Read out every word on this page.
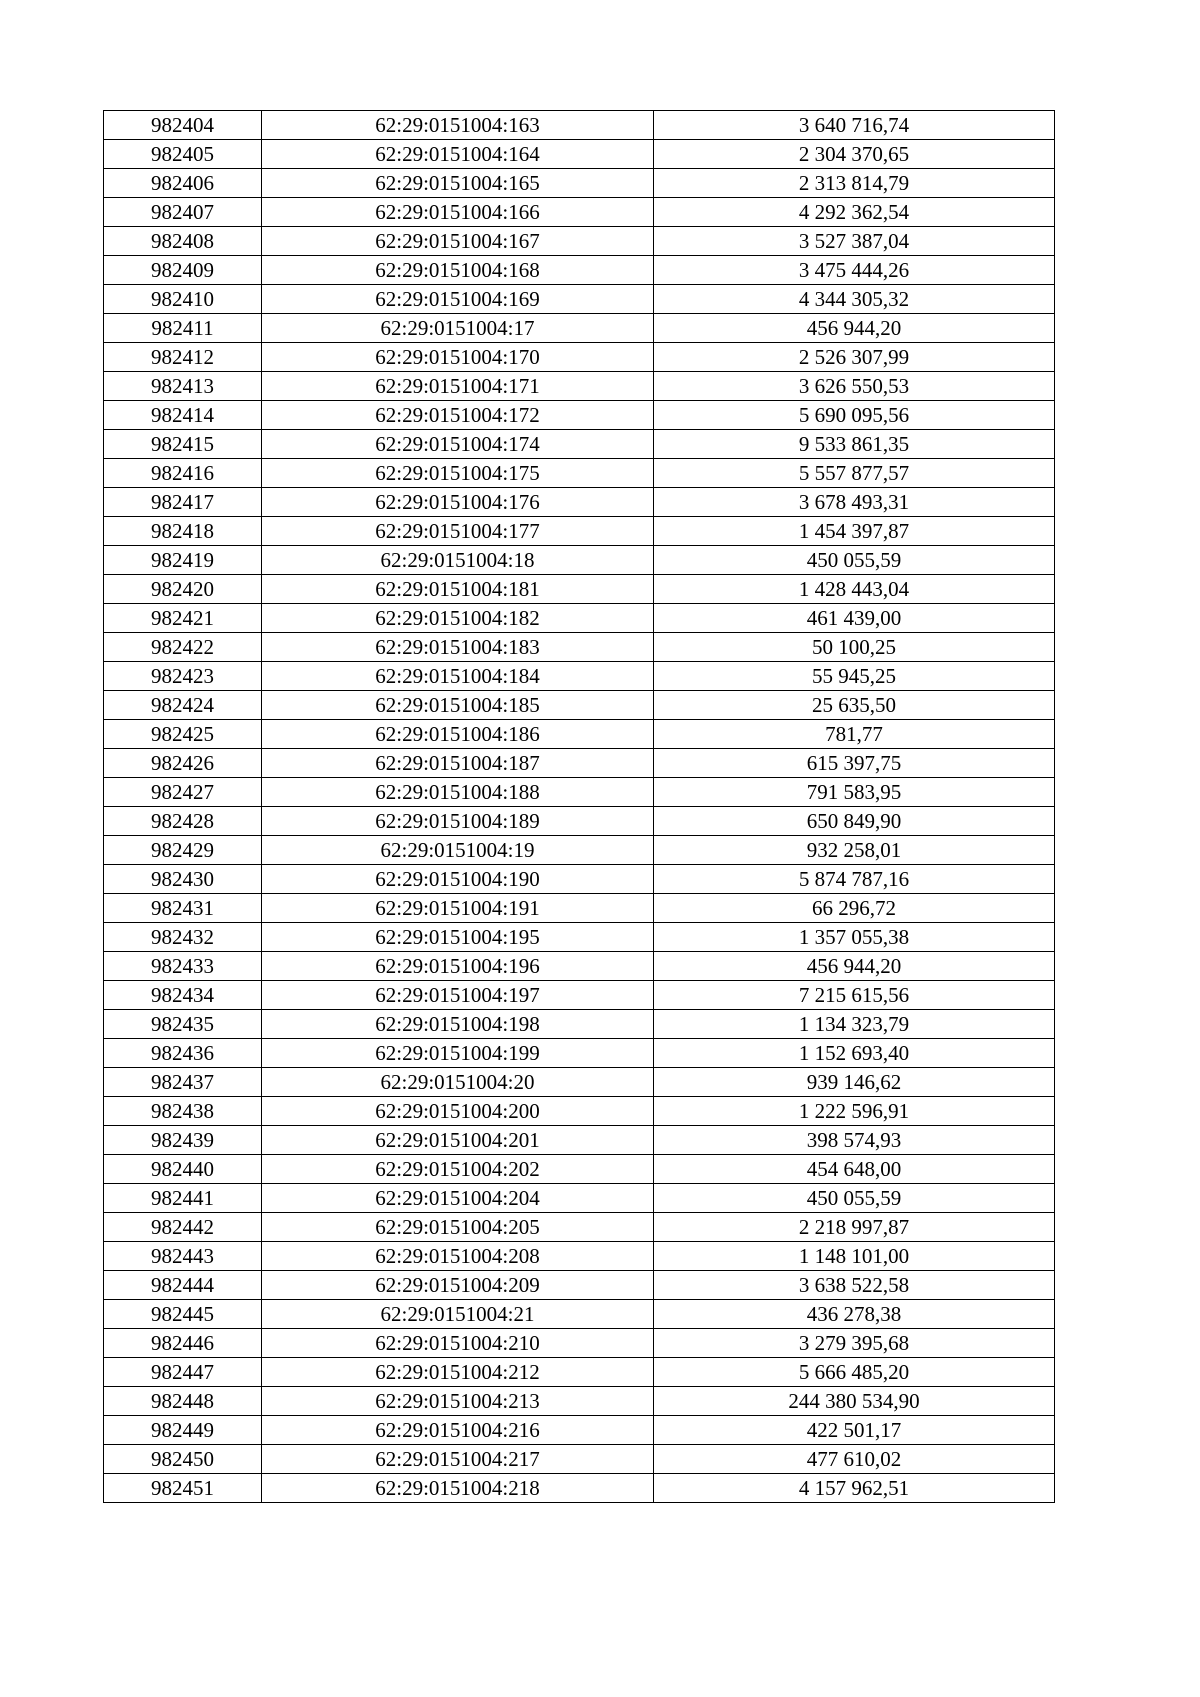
982404	62:29:0151004:163	3 640 716,74
982405	62:29:0151004:164	2 304 370,65
982406	62:29:0151004:165	2 313 814,79
982407	62:29:0151004:166	4 292 362,54
982408	62:29:0151004:167	3 527 387,04
982409	62:29:0151004:168	3 475 444,26
982410	62:29:0151004:169	4 344 305,32
982411	62:29:0151004:17	456 944,20
982412	62:29:0151004:170	2 526 307,99
982413	62:29:0151004:171	3 626 550,53
982414	62:29:0151004:172	5 690 095,56
982415	62:29:0151004:174	9 533 861,35
982416	62:29:0151004:175	5 557 877,57
982417	62:29:0151004:176	3 678 493,31
982418	62:29:0151004:177	1 454 397,87
982419	62:29:0151004:18	450 055,59
982420	62:29:0151004:181	1 428 443,04
982421	62:29:0151004:182	461 439,00
982422	62:29:0151004:183	50 100,25
982423	62:29:0151004:184	55 945,25
982424	62:29:0151004:185	25 635,50
982425	62:29:0151004:186	781,77
982426	62:29:0151004:187	615 397,75
982427	62:29:0151004:188	791 583,95
982428	62:29:0151004:189	650 849,90
982429	62:29:0151004:19	932 258,01
982430	62:29:0151004:190	5 874 787,16
982431	62:29:0151004:191	66 296,72
982432	62:29:0151004:195	1 357 055,38
982433	62:29:0151004:196	456 944,20
982434	62:29:0151004:197	7 215 615,56
982435	62:29:0151004:198	1 134 323,79
982436	62:29:0151004:199	1 152 693,40
982437	62:29:0151004:20	939 146,62
982438	62:29:0151004:200	1 222 596,91
982439	62:29:0151004:201	398 574,93
982440	62:29:0151004:202	454 648,00
982441	62:29:0151004:204	450 055,59
982442	62:29:0151004:205	2 218 997,87
982443	62:29:0151004:208	1 148 101,00
982444	62:29:0151004:209	3 638 522,58
982445	62:29:0151004:21	436 278,38
982446	62:29:0151004:210	3 279 395,68
982447	62:29:0151004:212	5 666 485,20
982448	62:29:0151004:213	244 380 534,90
982449	62:29:0151004:216	422 501,17
982450	62:29:0151004:217	477 610,02
982451	62:29:0151004:218	4 157 962,51
